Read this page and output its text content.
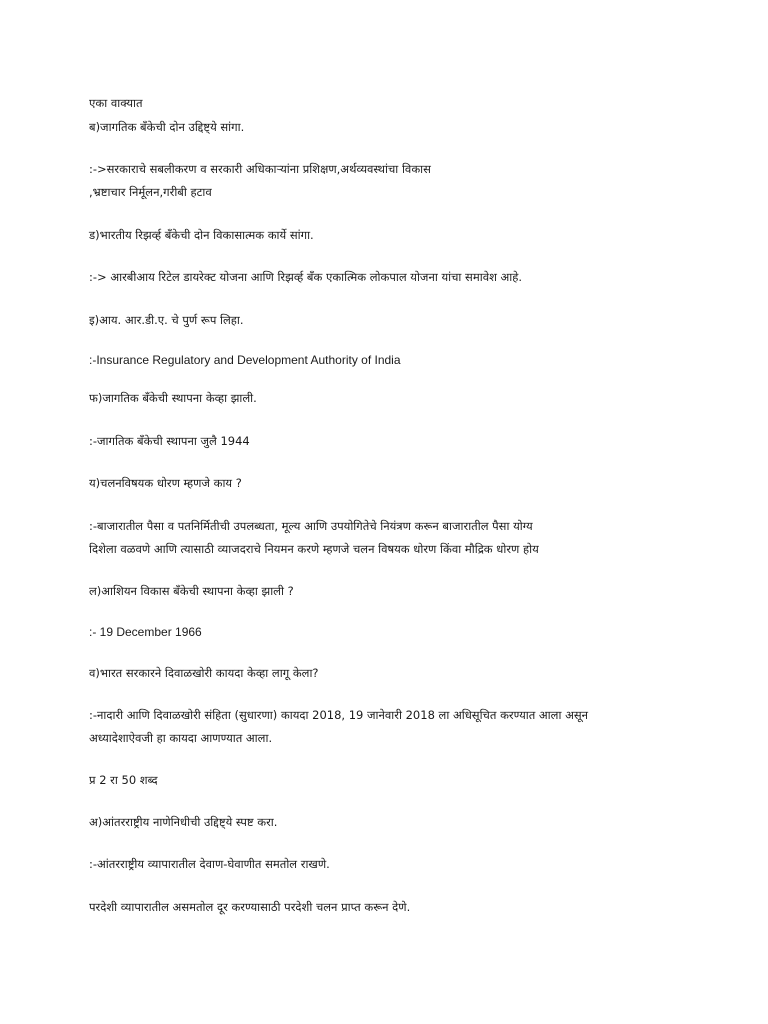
एका वाक्यात
ब)जागतिक बँकेची दोन उद्दिष्ट्ये सांगा.
:->सरकाराचे सबलीकरण व सरकारी अधिकाऱ्यांना प्रशिक्षण,अर्थव्यवस्थांचा विकास
,भ्रष्टाचार निर्मूलन,गरीबी हटाव
ड)भारतीय रिझर्व्ह बँकेची दोन विकासात्मक कार्ये सांगा.
:-> आरबीआय रिटेल डायरेक्ट योजना आणि रिझर्व्ह बँक एकात्मिक लोकपाल योजना यांचा समावेश आहे.
इ)आय. आर.डी.ए. चे पुर्ण रूप लिहा.
:-Insurance Regulatory and Development Authority of India
फ)जागतिक बँकेची स्थापना केव्हा झाली.
:-जागतिक बँकेची स्थापना जुलै 1944
य)चलनविषयक धोरण म्हणजे काय ?
:-बाजारातील पैसा व पतनिर्मितीची उपलब्धता, मूल्य आणि उपयोगितेचे नियंत्रण करून बाजारातील पैसा योग्य
दिशेला वळवणे आणि त्यासाठी व्याजदराचे नियमन करणे म्हणजे चलन विषयक धोरण किंवा मौद्रिक धोरण होय
ल)आशियन विकास बँकेची स्थापना केव्हा झाली ?
:- 19 December 1966
व)भारत सरकारने दिवाळखोरी कायदा केव्हा लागू केला?
:-नादारी आणि दिवाळखोरी संहिता (सुधारणा) कायदा 2018, 19 जानेवारी 2018 ला अधिसूचित करण्यात आला असून
अध्यादेशाऐवजी हा कायदा आणण्यात आला.
प्र 2 रा 50 शब्द
अ)आंतरराष्ट्रीय नाणेनिधीची उद्दिष्ट्ये स्पष्ट करा.
:-आंतरराष्ट्रीय व्यापारातील देवाण-घेवाणीत समतोल राखणे.
परदेशी व्यापारातील असमतोल दूर करण्यासाठी परदेशी चलन प्राप्त करून देणे.
